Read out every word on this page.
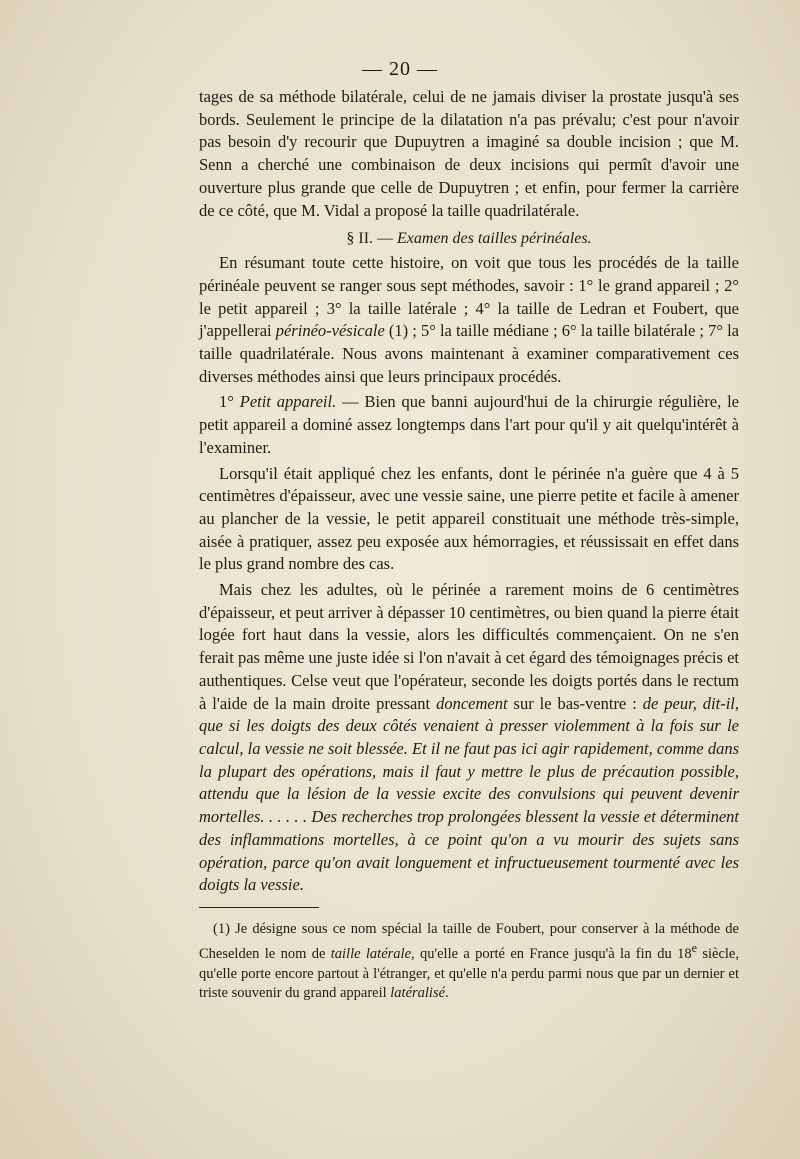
— 20 —

tages de sa méthode bilatérale, celui de ne jamais diviser la prostate jusqu'à ses bords. Seulement le principe de la dilatation n'a pas prévalu; c'est pour n'avoir pas besoin d'y recourir que Dupuytren a imaginé sa double incision ; que M. Senn a cherché une combinaison de deux incisions qui permît d'avoir une ouverture plus grande que celle de Dupuytren ; et enfin, pour fermer la carrière de ce côté, que M. Vidal a proposé la taille quadrilatérale.

§ II. — Examen des tailles périnéales.

En résumant toute cette histoire, on voit que tous les procédés de la taille périnéale peuvent se ranger sous sept méthodes, savoir : 1° le grand appareil ; 2° le petit appareil ; 3° la taille latérale ; 4° la taille de Ledran et Foubert, que j'appellerai périnéo-vésicale (1) ; 5° la taille médiane ; 6° la taille bilatérale ; 7° la taille quadrilatérale. Nous avons maintenant à examiner comparativement ces diverses méthodes ainsi que leurs principaux procédés.

1° Petit appareil. — Bien que banni aujourd'hui de la chirurgie régulière, le petit appareil a dominé assez longtemps dans l'art pour qu'il y ait quelqu'intérêt à l'examiner.

Lorsqu'il était appliqué chez les enfants, dont le périnée n'a guère que 4 à 5 centimètres d'épaisseur, avec une vessie saine, une pierre petite et facile à amener au plancher de la vessie, le petit appareil constituait une méthode très-simple, aisée à pratiquer, assez peu exposée aux hémorragies, et réussissait en effet dans le plus grand nombre des cas.

Mais chez les adultes, où le périnée a rarement moins de 6 centimètres d'épaisseur, et peut arriver à dépasser 10 centimètres, ou bien quand la pierre était logée fort haut dans la vessie, alors les difficultés commençaient. On ne s'en ferait pas même une juste idée si l'on n'avait à cet égard des témoignages précis et authentiques. Celse veut que l'opérateur, seconde les doigts portés dans le rectum à l'aide de la main droite pressant doncement sur le bas-ventre : de peur, dit-il, que si les doigts des deux côtés venaient à presser violemment à la fois sur le calcul, la vessie ne soit blessée. Et il ne faut pas ici agir rapidement, comme dans la plupart des opérations, mais il faut y mettre le plus de précaution possible, attendu que la lésion de la vessie excite des convulsions qui peuvent devenir mortelles. . . . . . Des recherches trop prolongées blessent la vessie et déterminent des inflammations mortelles, à ce point qu'on a vu mourir des sujets sans opération, parce qu'on avait longuement et infructueusement tourmenté avec les doigts la vessie.

(1) Je désigne sous ce nom spécial la taille de Foubert, pour conserver à la méthode de Cheselden le nom de taille latérale, qu'elle a porté en France jusqu'à la fin du 18e siècle, qu'elle porte encore partout à l'étranger, et qu'elle n'a perdu parmi nous que par un dernier et triste souvenir du grand appareil latéralisé.
